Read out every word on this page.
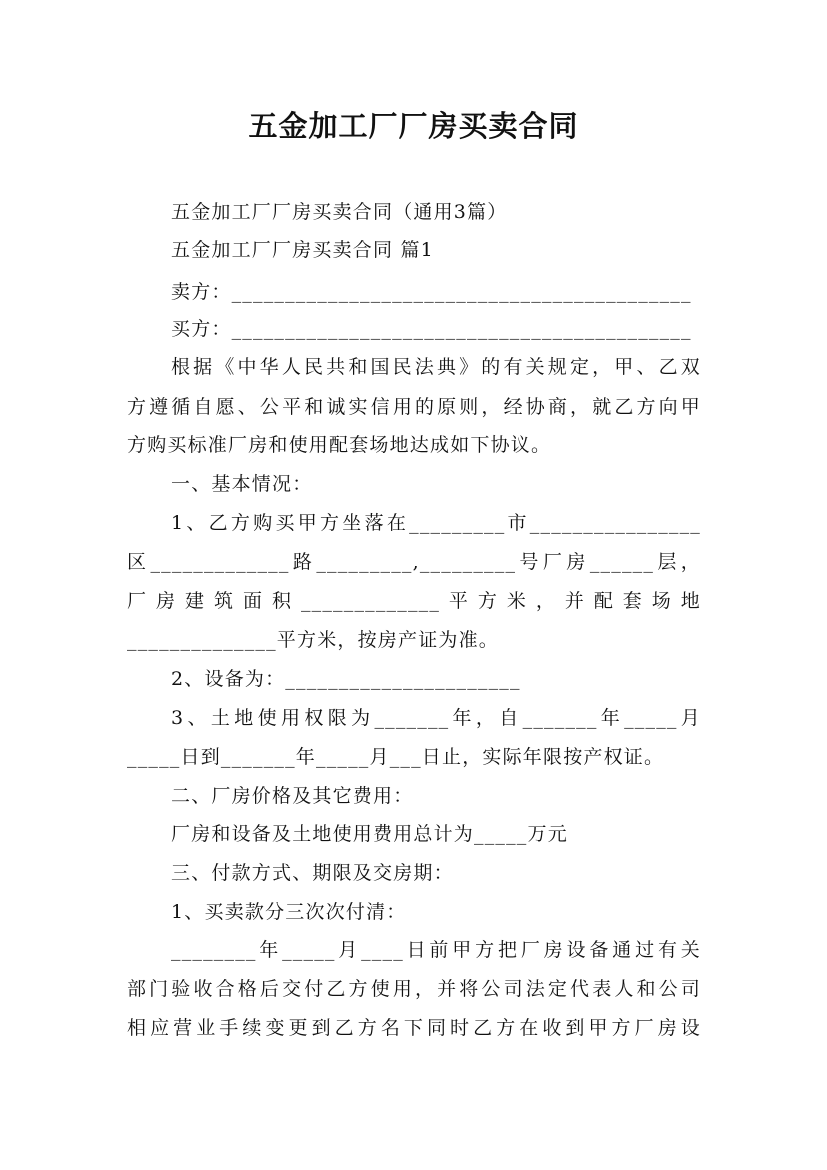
五金加工厂厂房买卖合同
五金加工厂厂房买卖合同（通用3篇）
五金加工厂厂房买卖合同 篇1
卖方：___________________________________________
买方：___________________________________________
根据《中华人民共和国民法典》的有关规定，甲、乙双
方遵循自愿、公平和诚实信用的原则，经协商，就乙方向甲
方购买标准厂房和使用配套场地达成如下协议。
一、基本情况：
1、乙方购买甲方坐落在_________市________________
区_____________路_________,_________号厂房______层，
厂房建筑面积_____________平方米，并配套场地
______________平方米，按房产证为准。
2、设备为：______________________
3、土地使用权限为_______年，自_______年_____月
_____日到_______年_____月___日止，实际年限按产权证。
二、厂房价格及其它费用：
厂房和设备及土地使用费用总计为_____万元
三、付款方式、期限及交房期：
1、买卖款分三次次付清：
________年_____月____日前甲方把厂房设备通过有关
部门验收合格后交付乙方使用，并将公司法定代表人和公司
相应营业手续变更到乙方名下同时乙方在收到甲方厂房设
